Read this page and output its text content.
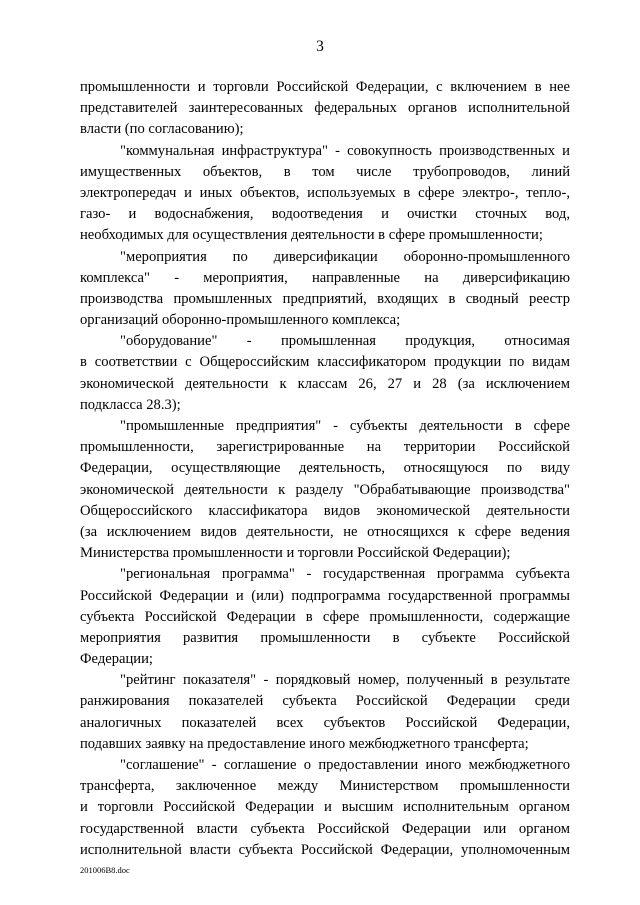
3
промышленности и торговли Российской Федерации, с включением в нее
представителей заинтересованных федеральных органов исполнительной
власти (по согласованию);
"коммунальная инфраструктура" - совокупность производственных и
имущественных объектов, в том числе трубопроводов, линий
электропередач и иных объектов, используемых в сфере электро-, тепло-,
газо- и водоснабжения, водоотведения и очистки сточных вод,
необходимых для осуществления деятельности в сфере промышленности;
"мероприятия по диверсификации оборонно-промышленного
комплекса" - мероприятия, направленные на диверсификацию
производства промышленных предприятий, входящих в сводный реестр
организаций оборонно-промышленного комплекса;
"оборудование" - промышленная продукция, относимая
в соответствии с Общероссийским классификатором продукции по видам
экономической деятельности к классам 26, 27 и 28 (за исключением
подкласса 28.3);
"промышленные предприятия" - субъекты деятельности в сфере
промышленности, зарегистрированные на территории Российской
Федерации, осуществляющие деятельность, относящуюся по виду
экономической деятельности к разделу "Обрабатывающие производства"
Общероссийского классификатора видов экономической деятельности
(за исключением видов деятельности, не относящихся к сфере ведения
Министерства промышленности и торговли Российской Федерации);
"региональная программа" - государственная программа субъекта
Российской Федерации и (или) подпрограмма государственной программы
субъекта Российской Федерации в сфере промышленности, содержащие
мероприятия развития промышленности в субъекте Российской
Федерации;
"рейтинг показателя" - порядковый номер, полученный в результате
ранжирования показателей субъекта Российской Федерации среди
аналогичных показателей всех субъектов Российской Федерации,
подавших заявку на предоставление иного межбюджетного трансферта;
"соглашение" - соглашение о предоставлении иного межбюджетного
трансферта, заключенное между Министерством промышленности
и торговли Российской Федерации и высшим исполнительным органом
государственной власти субъекта Российской Федерации или органом
исполнительной власти субъекта Российской Федерации, уполномоченным
201006B8.doc
